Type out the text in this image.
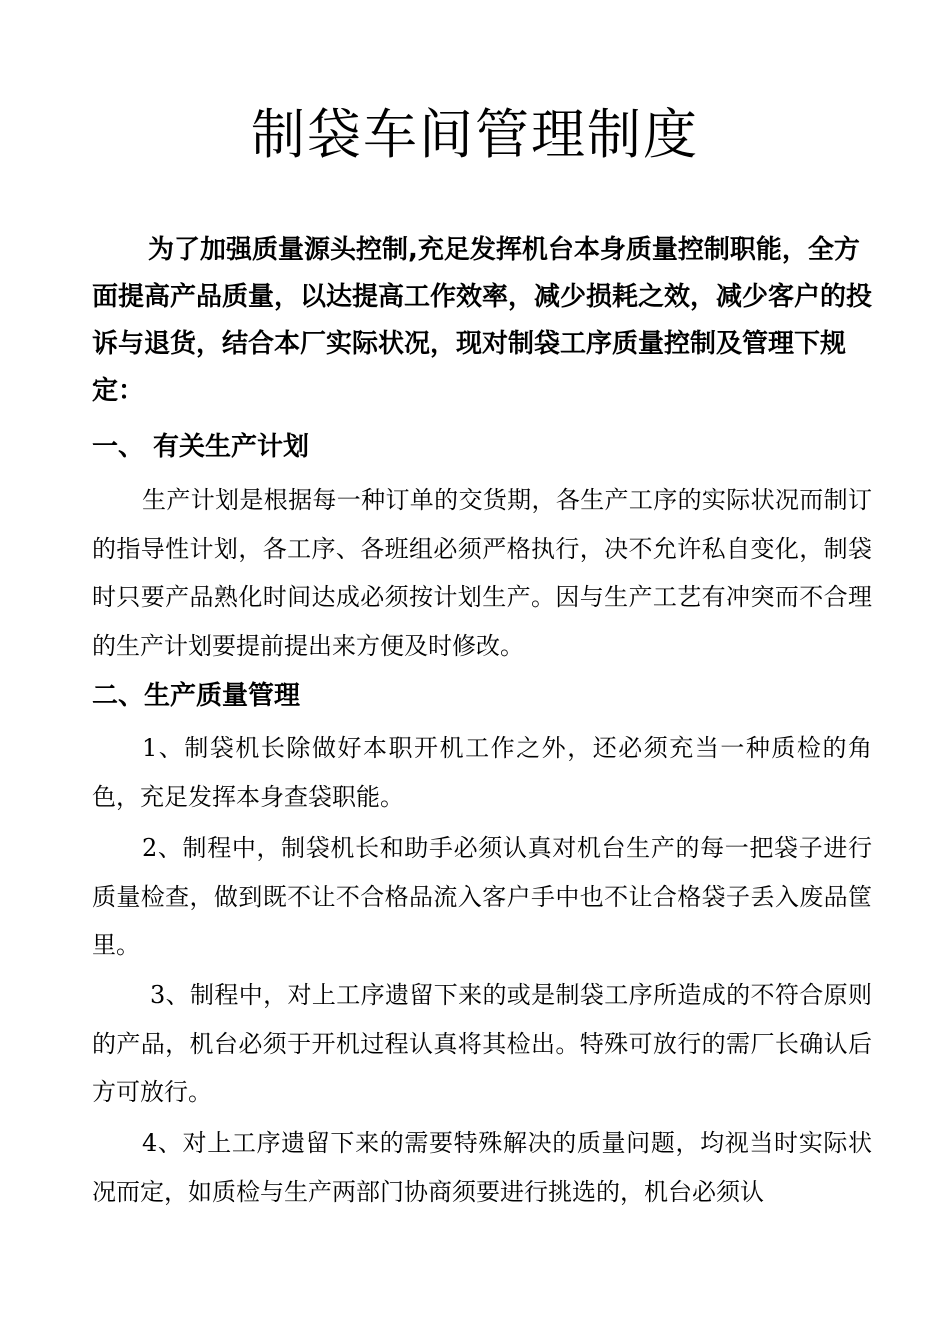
制袋车间管理制度

为了加强质量源头控制,充足发挥机台本身质量控制职能，全方面提高产品质量，以达提高工作效率，减少损耗之效，减少客户的投诉与退货，结合本厂实际状况，现对制袋工序质量控制及管理下规定：

一、 有关生产计划

生产计划是根据每一种订单的交货期，各生产工序的实际状况而制订的指导性计划，各工序、各班组必须严格执行，决不允许私自变化，制袋时只要产品熟化时间达成必须按计划生产。因与生产工艺有冲突而不合理的生产计划要提前提出来方便及时修改。

二、生产质量管理

1、制袋机长除做好本职开机工作之外，还必须充当一种质检的角色，充足发挥本身查袋职能。

2、制程中，制袋机长和助手必须认真对机台生产的每一把袋子进行质量检查，做到既不让不合格品流入客户手中也不让合格袋子丢入废品筐里。

3、制程中，对上工序遗留下来的或是制袋工序所造成的不符合原则的产品，机台必须于开机过程认真将其检出。特殊可放行的需厂长确认后方可放行。

4、对上工序遗留下来的需要特殊解决的质量问题，均视当时实际状况而定，如质检与生产两部门协商须要进行挑选的，机台必须认
